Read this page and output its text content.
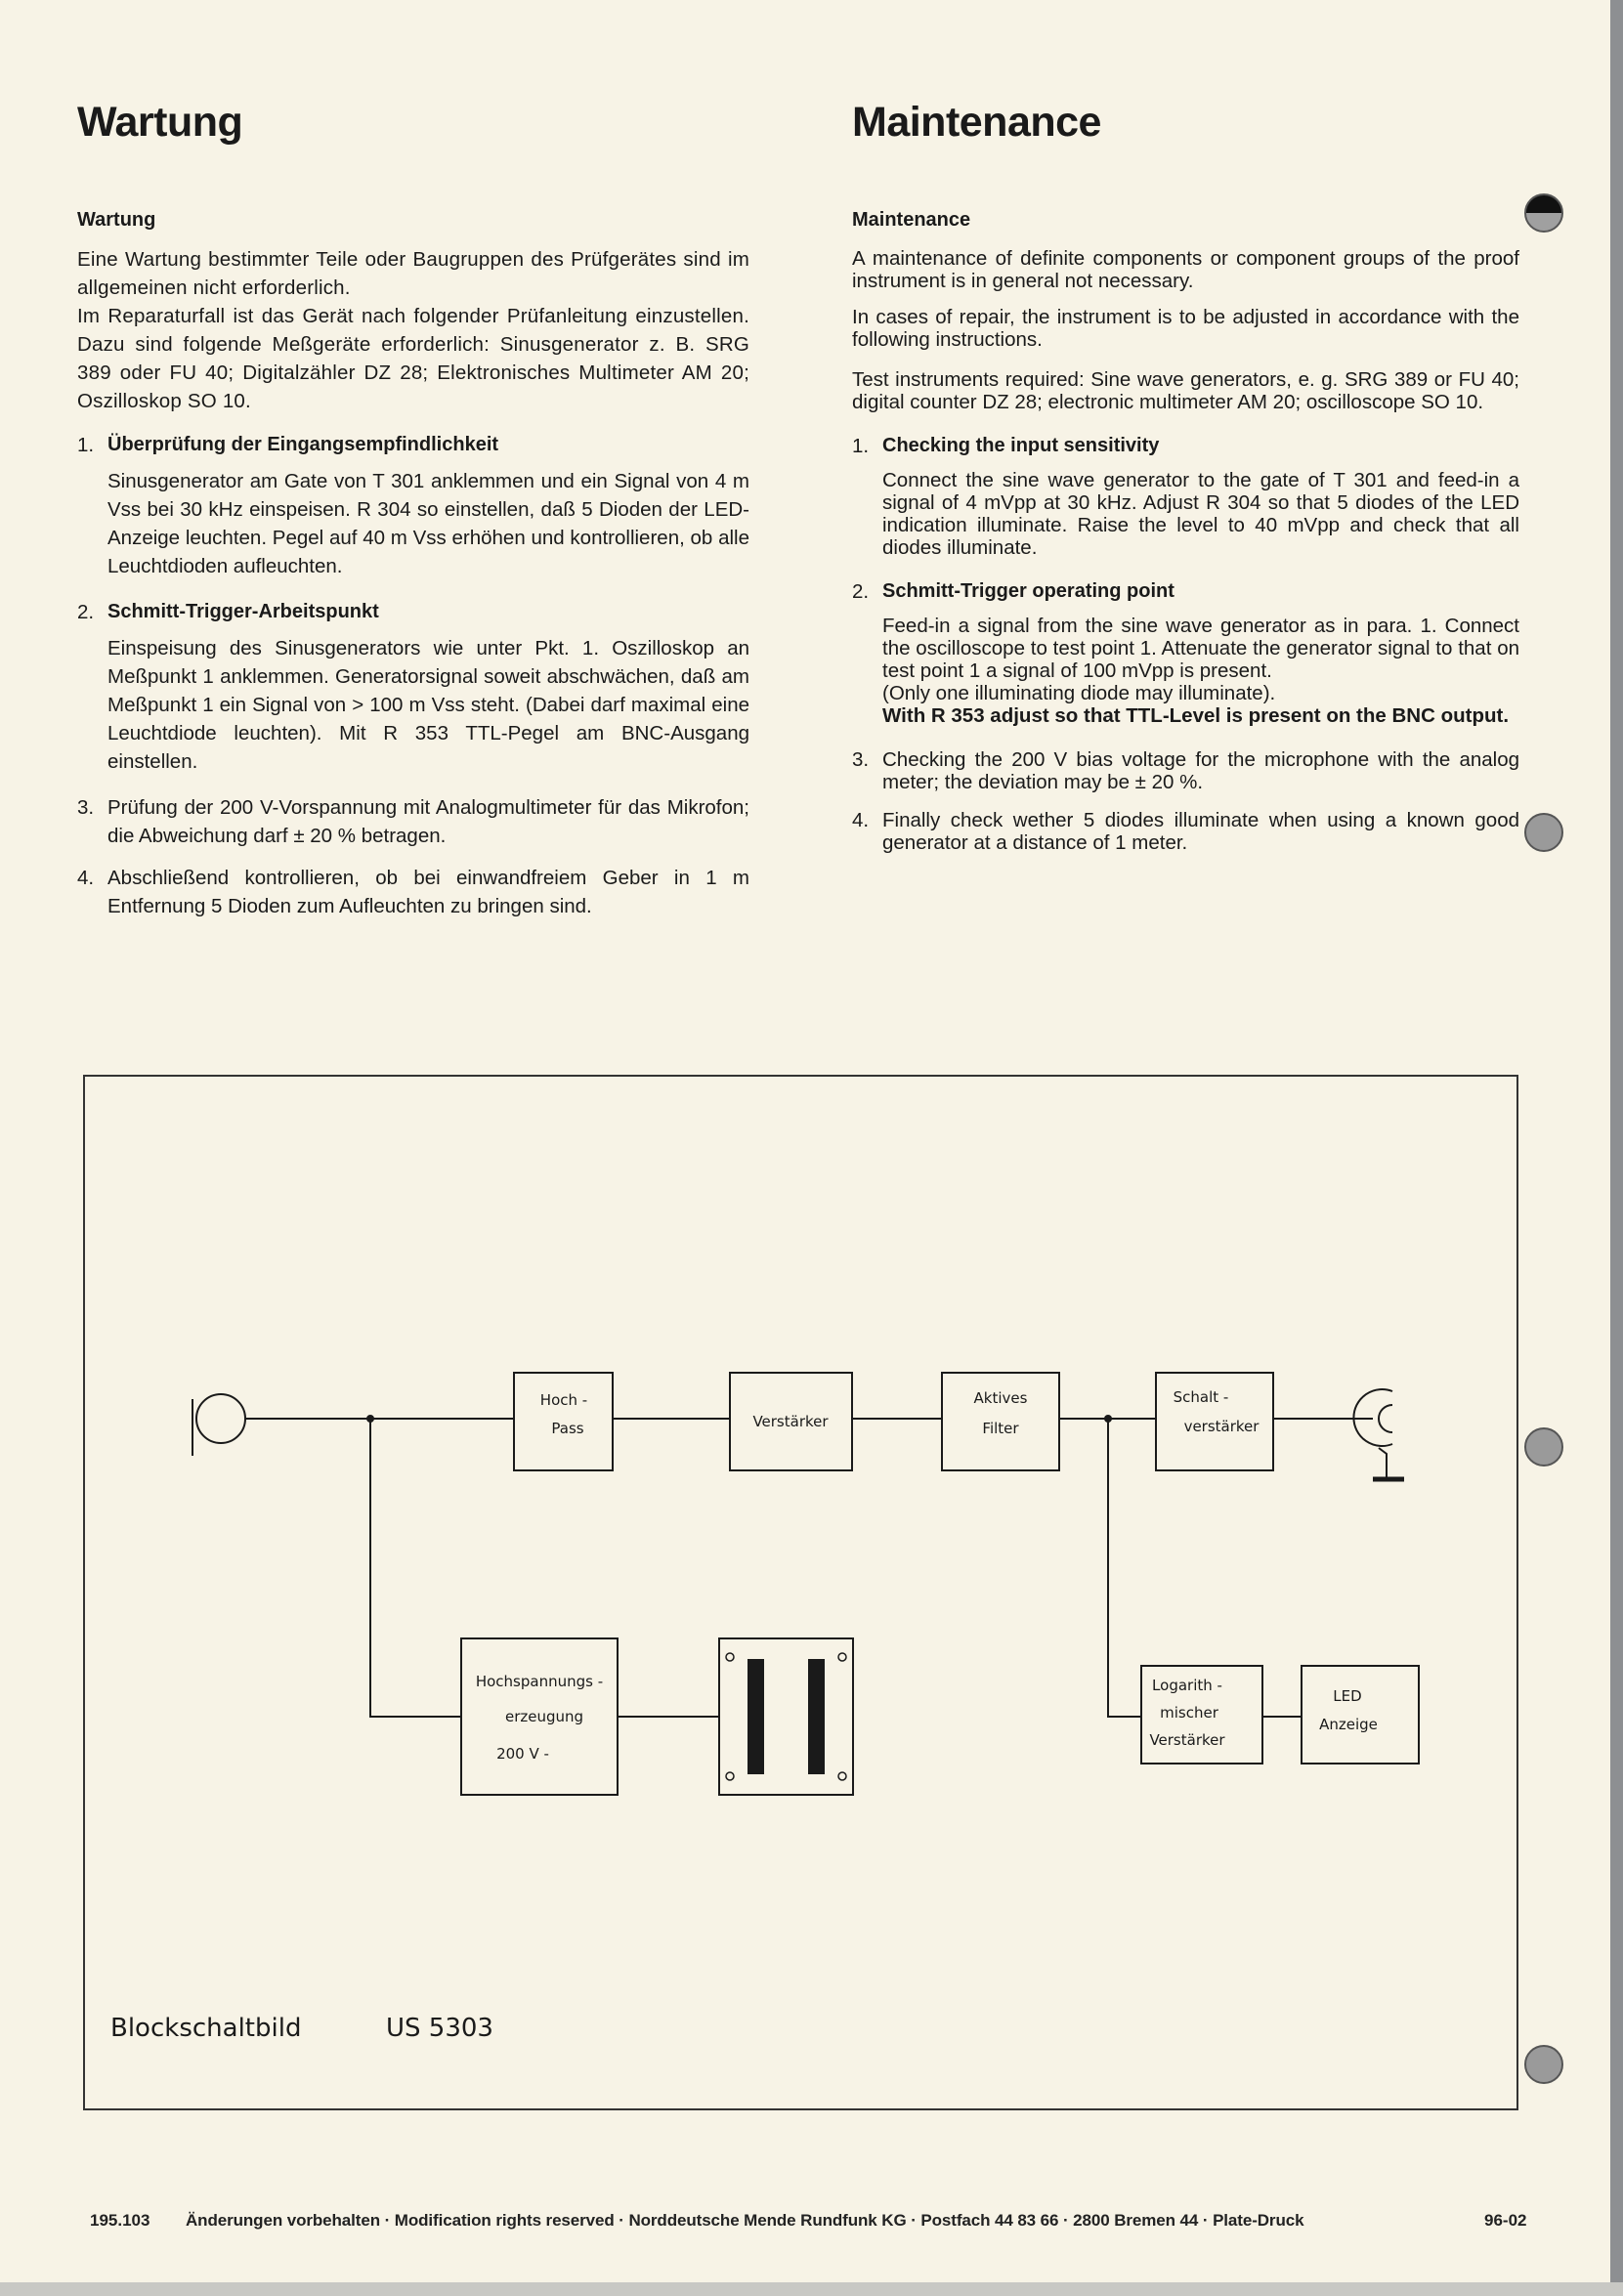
Wartung
Wartung

Eine Wartung bestimmter Teile oder Baugruppen des Prüfgerätes sind im allgemeinen nicht erforderlich.

Im Reparaturfall ist das Gerät nach folgender Prüfanleitung einzustellen. Dazu sind folgende Meßgeräte erforderlich: Sinusgenerator z. B. SRG 389 oder FU 40; Digitalzähler DZ 28; Elektronisches Multimeter AM 20; Oszilloskop SO 10.

1. Überprüfung der Eingangsempfindlichkeit

Sinusgenerator am Gate von T 301 anklemmen und ein Signal von 4 m Vss bei 30 kHz einspeisen. R 304 so einstellen, daß 5 Dioden der LED-Anzeige leuchten. Pegel auf 40 m Vss erhöhen und kontrollieren, ob alle Leuchtdioden aufleuchten.

2. Schmitt-Trigger-Arbeitspunkt

Einspeisung des Sinusgenerators wie unter Pkt. 1. Oszilloskop an Meßpunkt 1 anklemmen. Generatorsignal soweit abschwächen, daß am Meßpunkt 1 ein Signal von > 100 m Vss steht. (Dabei darf maximal eine Leuchtdiode leuchten). Mit R 353 TTL-Pegel am BNC-Ausgang einstellen.

3. Prüfung der 200 V-Vorspannung mit Analogmultimeter für das Mikrofon; die Abweichung darf ± 20 % betragen.

4. Abschließend kontrollieren, ob bei einwandfreiem Geber in 1 m Entfernung 5 Dioden zum Aufleuchten zu bringen sind.

Maintenance
Maintenance

A maintenance of definite components or component groups of the proof instrument is in general not necessary.

In cases of repair, the instrument is to be adjusted in accordance with the following instructions.

Test instruments required: Sine wave generators, e. g. SRG 389 or FU 40; digital counter DZ 28; electronic multimeter AM 20; oscilloscope SO 10.

1. Checking the input sensitivity

Connect the sine wave generator to the gate of T 301 and feed-in a signal of 4 mVpp at 30 kHz. Adjust R 304 so that 5 diodes of the LED indication illuminate. Raise the level to 40 mVpp and check that all diodes illuminate.

2. Schmitt-Trigger operating point

Feed-in a signal from the sine wave generator as in para. 1. Connect the oscilloscope to test point 1. Attenuate the generator signal to that on test point 1 a signal of 100 mVpp is present.

(Only one illuminating diode may illuminate).

With R 353 adjust so that TTL-Level is present on the BNC output.

3. Checking the 200 V bias voltage for the microphone with the analog meter; the deviation may be ± 20 %.

4. Finally check wether 5 diodes illuminate when using a known good generator at a distance of 1 meter.

Hoch -
Pass	Verstärker
Aktives
Filter
Schalt -
verstärker
Hochspannungs -
erzeugung
200 V -
Logarith -
mischer
Verstärker
LED
Anzeige
Blockschaltbild	US 5303
195.103 Änderungen vorbehalten · Modification rights reserved · Norddeutsche Mende Rundfunk KG · Postfach 44 83 66 · 2800 Bremen 44 · Plate-Druck	96-02
